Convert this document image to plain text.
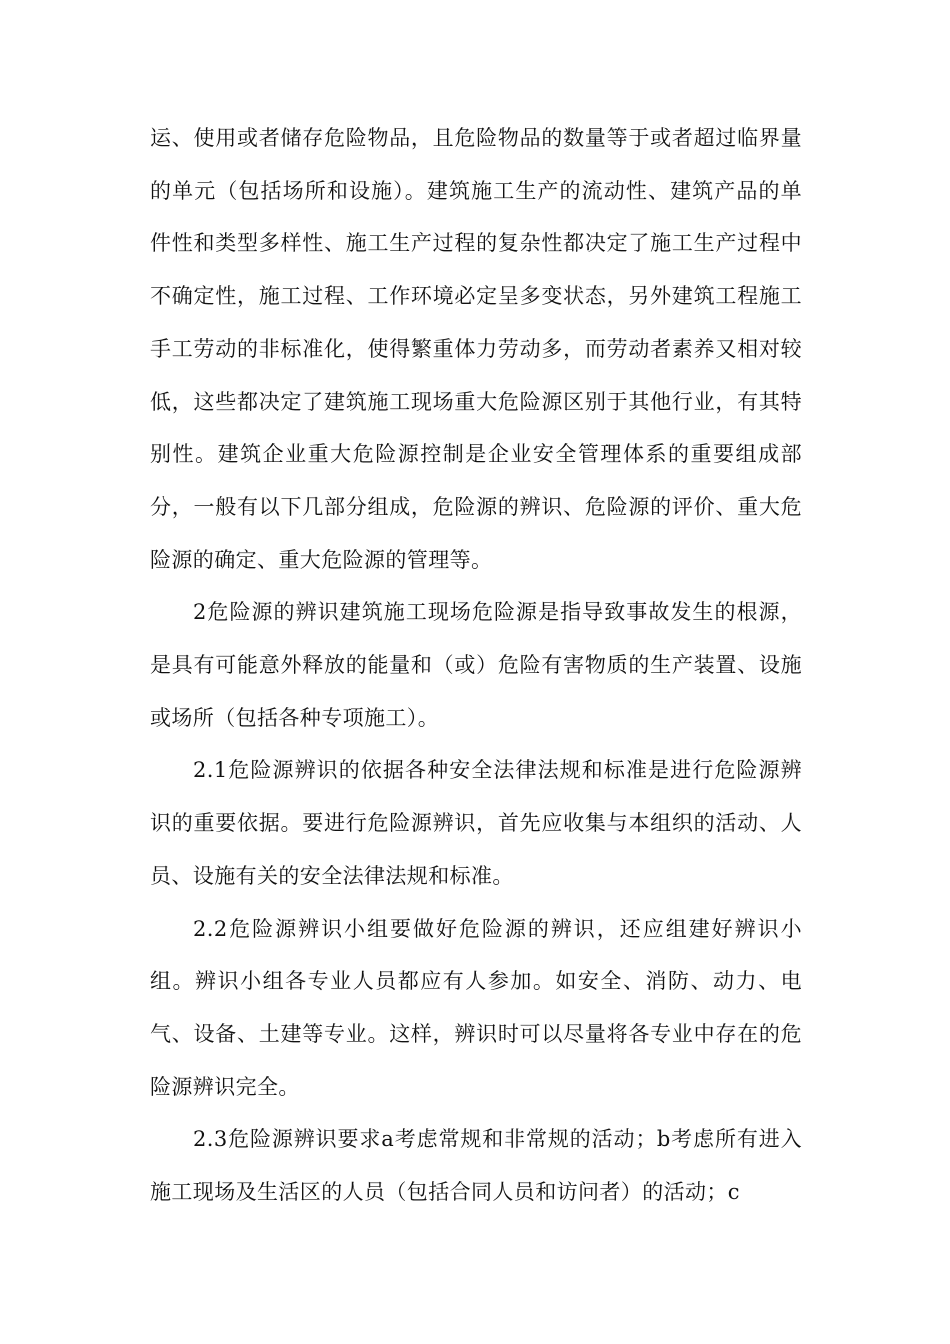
运、使用或者储存危险物品，且危险物品的数量等于或者超过临界量的单元（包括场所和设施）。建筑施工生产的流动性、建筑产品的单件性和类型多样性、施工生产过程的复杂性都决定了施工生产过程中不确定性，施工过程、工作环境必定呈多变状态，另外建筑工程施工手工劳动的非标准化，使得繁重体力劳动多，而劳动者素养又相对较低，这些都决定了建筑施工现场重大危险源区别于其他行业，有其特别性。建筑企业重大危险源控制是企业安全管理体系的重要组成部分，一般有以下几部分组成，危险源的辨识、危险源的评价、重大危险源的确定、重大危险源的管理等。

2危险源的辨识建筑施工现场危险源是指导致事故发生的根源，是具有可能意外释放的能量和（或）危险有害物质的生产装置、设施或场所（包括各种专项施工）。

2.1危险源辨识的依据各种安全法律法规和标准是进行危险源辨识的重要依据。要进行危险源辨识，首先应收集与本组织的活动、人员、设施有关的安全法律法规和标准。

2.2危险源辨识小组要做好危险源的辨识，还应组建好辨识小组。辨识小组各专业人员都应有人参加。如安全、消防、动力、电气、设备、土建等专业。这样，辨识时可以尽量将各专业中存在的危险源辨识完全。

2.3危险源辨识要求a考虑常规和非常规的活动；b考虑所有进入施工现场及生活区的人员（包括合同人员和访问者）的活动；c
